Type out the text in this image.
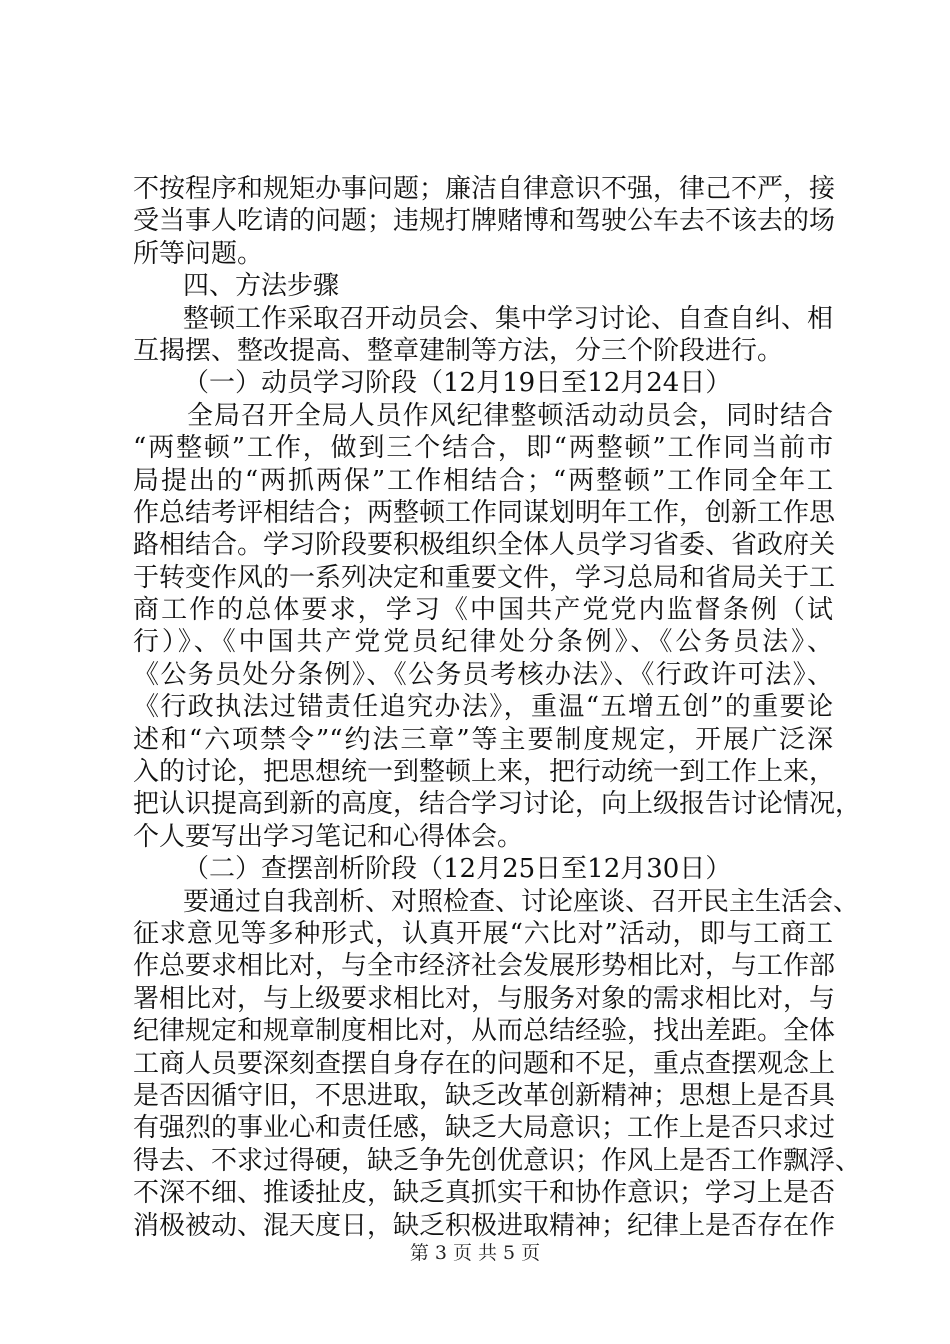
不按程序和规矩办事问题；廉洁自律意识不强，律己不严，接
受当事人吃请的问题；违规打牌赌博和驾驶公车去不该去的场
所等问题。
四、方法步骤
整顿工作采取召开动员会、集中学习讨论、自查自纠、相
互揭摆、整改提高、整章建制等方法，分三个阶段进行。
（一）动员学习阶段（12月19日至12月24日）
全局召开全局人员作风纪律整顿活动动员会，同时结合
“两整顿”工作，做到三个结合，即“两整顿”工作同当前市
局提出的“两抓两保”工作相结合；“两整顿”工作同全年工
作总结考评相结合；两整顿工作同谋划明年工作，创新工作思
路相结合。学习阶段要积极组织全体人员学习省委、省政府关
于转变作风的一系列决定和重要文件，学习总局和省局关于工
商工作的总体要求，学习《中国共产党党内监督条例（试
行）》、《中国共产党党员纪律处分条例》、《公务员法》、
《公务员处分条例》、《公务员考核办法》、《行政许可法》、
《行政执法过错责任追究办法》，重温“五增五创”的重要论
述和“六项禁令”“约法三章”等主要制度规定，开展广泛深
入的讨论，把思想统一到整顿上来，把行动统一到工作上来，
把认识提高到新的高度，结合学习讨论，向上级报告讨论情况，
个人要写出学习笔记和心得体会。
（二）查摆剖析阶段（12月25日至12月30日）
要通过自我剖析、对照检查、讨论座谈、召开民主生活会、
征求意见等多种形式，认真开展“六比对”活动，即与工商工
作总要求相比对，与全市经济社会发展形势相比对，与工作部
署相比对，与上级要求相比对，与服务对象的需求相比对，与
纪律规定和规章制度相比对，从而总结经验，找出差距。全体
工商人员要深刻查摆自身存在的问题和不足，重点查摆观念上
是否因循守旧，不思进取，缺乏改革创新精神；思想上是否具
有强烈的事业心和责任感，缺乏大局意识；工作上是否只求过
得去、不求过得硬，缺乏争先创优意识；作风上是否工作飘浮、
不深不细、推诿扯皮，缺乏真抓实干和协作意识；学习上是否
消极被动、混天度日，缺乏积极进取精神；纪律上是否存在作
第 3 页 共 5 页
